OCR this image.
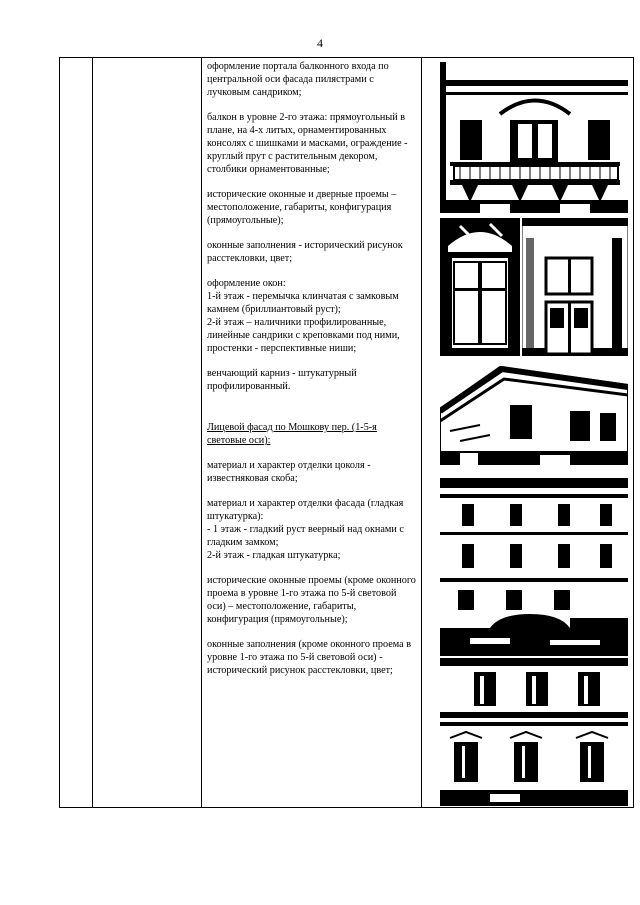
4

оформление портала балконного входа по центральной оси фасада пилястрами с лучковым сандриком;

балкон в уровне 2-го этажа: прямоугольный в плане, на 4-х литых, орнаментированных консолях с шишками и масками, ограждение - круглый прут с растительным декором, столбики орнаментованные;

исторические оконные и дверные проемы – местоположение, габариты, конфигурация (прямоугольные);

оконные заполнения - исторический рисунок расстекловки, цвет;

оформление окон:
1-й этаж - перемычка клинчатая с замковым камнем (бриллиантовый руст);
2-й этаж – наличники профилированные, линейные сандрики с креповками под ними, простенки - перспективные ниши;

венчающий карниз - штукатурный профилированный.

Лицевой фасад по Мошкову пер. (1-5-я световые оси):

материал и характер отделки цоколя - известняковая скоба;

материал и характер отделки фасада (гладкая штукатурка):
- 1 этаж - гладкий руст веерный над окнами с гладким замком;
2-й этаж - гладкая штукатурка;

исторические оконные проемы (кроме оконного проема в уровне 1-го этажа по 5-й световой оси) – местоположение, габариты, конфигурация (прямоугольные);

оконные заполнения (кроме оконного проема в уровне 1-го этажа по 5-й световой оси) - исторический рисунок расстекловки, цвет;
